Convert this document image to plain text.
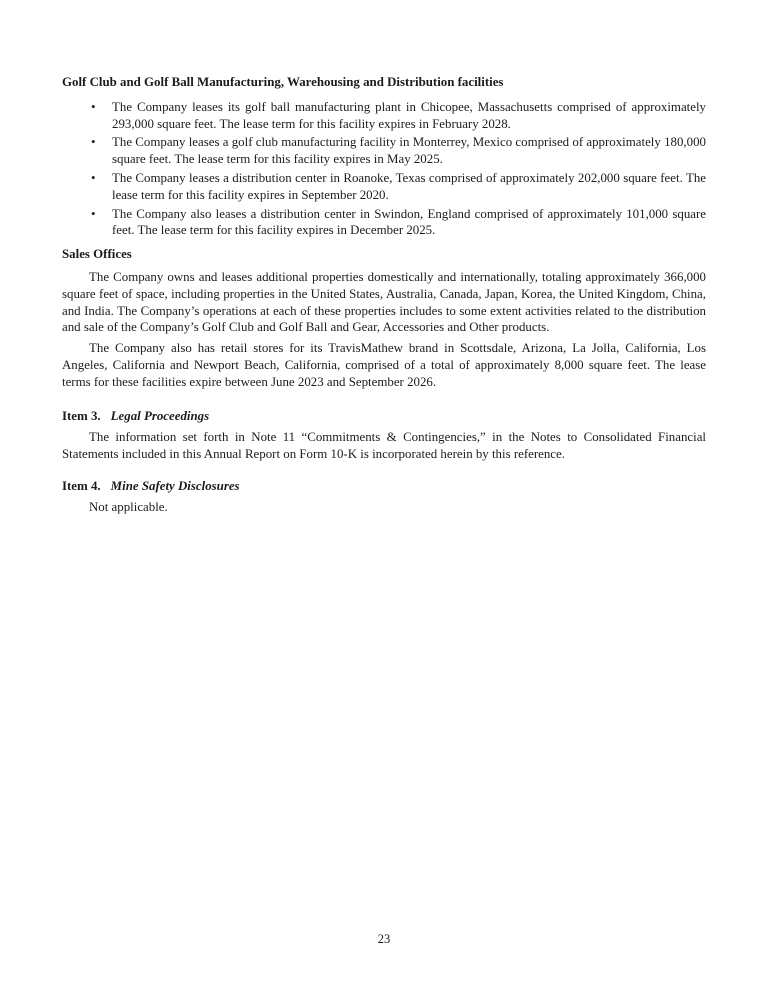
Golf Club and Golf Ball Manufacturing, Warehousing and Distribution facilities
• The Company leases its golf ball manufacturing plant in Chicopee, Massachusetts comprised of approximately 293,000 square feet. The lease term for this facility expires in February 2028.
• The Company leases a golf club manufacturing facility in Monterrey, Mexico comprised of approximately 180,000 square feet. The lease term for this facility expires in May 2025.
• The Company leases a distribution center in Roanoke, Texas comprised of approximately 202,000 square feet. The lease term for this facility expires in September 2020.
• The Company also leases a distribution center in Swindon, England comprised of approximately 101,000 square feet. The lease term for this facility expires in December 2025.
Sales Offices

The Company owns and leases additional properties domestically and internationally, totaling approximately 366,000 square feet of space, including properties in the United States, Australia, Canada, Japan, Korea, the United Kingdom, China, and India. The Company’s operations at each of these properties includes to some extent activities related to the distribution and sale of the Company’s Golf Club and Golf Ball and Gear, Accessories and Other products.

The Company also has retail stores for its TravisMathew brand in Scottsdale, Arizona, La Jolla, California, Los Angeles, California and Newport Beach, California, comprised of a total of approximately 8,000 square feet. The lease terms for these facilities expire between June 2023 and September 2026.

Item 3. Legal Proceedings

The information set forth in Note 11 “Commitments & Contingencies,” in the Notes to Consolidated Financial Statements included in this Annual Report on Form 10-K is incorporated herein by this reference.

Item 4. Mine Safety Disclosures

Not applicable.

23
